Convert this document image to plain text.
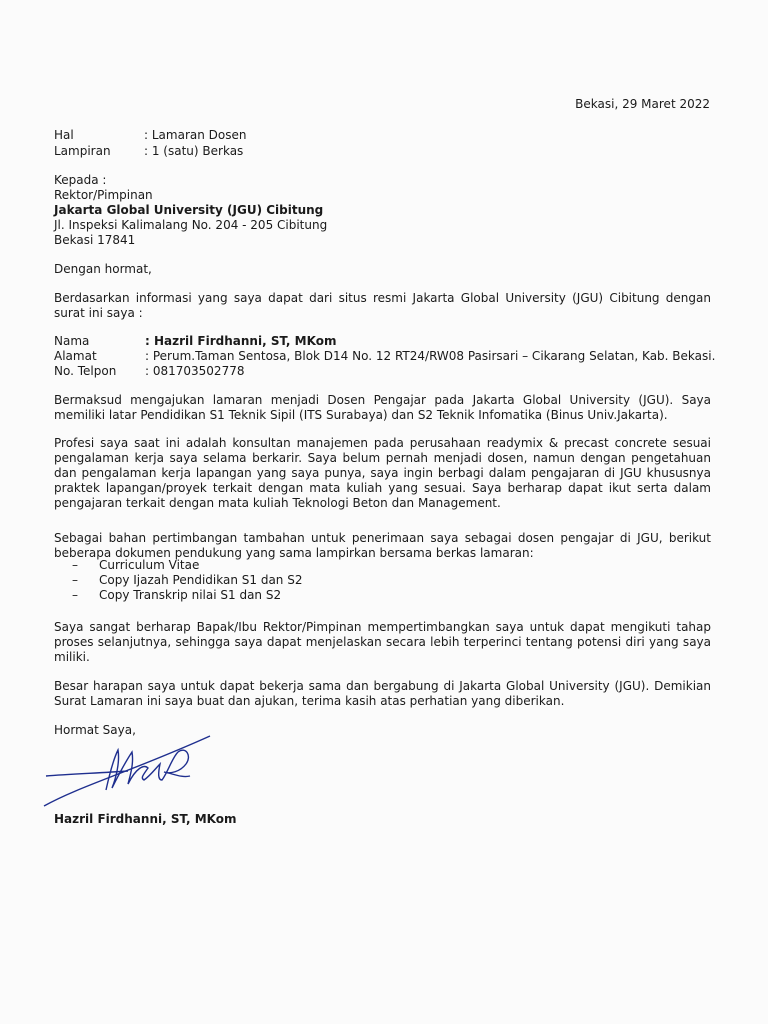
Bekasi, 29 Maret 2022
Hal	: Lamaran Dosen
Lampiran	: 1 (satu) Berkas
Kepada :
Rektor/Pimpinan
Jakarta Global University (JGU) Cibitung
Jl. Inspeksi Kalimalang No. 204 - 205 Cibitung
Bekasi 17841
Dengan hormat,
Berdasarkan informasi yang saya dapat dari situs resmi Jakarta Global University (JGU) Cibitung dengan surat ini saya :
Nama	: Hazril Firdhanni, ST, MKom
Alamat	: Perum.Taman Sentosa, Blok D14 No. 12 RT24/RW08 Pasirsari – Cikarang Selatan, Kab. Bekasi.
No. Telpon	: 081703502778
Bermaksud mengajukan lamaran menjadi Dosen Pengajar pada Jakarta Global University (JGU). Saya memiliki latar Pendidikan S1 Teknik Sipil (ITS Surabaya) dan S2 Teknik Infomatika (Binus Univ.Jakarta).
Profesi saya saat ini adalah konsultan manajemen pada perusahaan readymix & precast concrete sesuai pengalaman kerja saya selama berkarir. Saya belum pernah menjadi dosen, namun dengan pengetahuan dan pengalaman kerja lapangan yang saya punya, saya ingin berbagi dalam pengajaran di JGU khususnya praktek lapangan/proyek terkait dengan mata kuliah yang sesuai. Saya berharap dapat ikut serta dalam pengajaran terkait dengan mata kuliah Teknologi Beton dan Management.
Sebagai bahan pertimbangan tambahan untuk penerimaan saya sebagai dosen pengajar di JGU, berikut beberapa dokumen pendukung yang sama lampirkan bersama berkas lamaran:
–	Curriculum Vitae
–	Copy Ijazah Pendidikan S1 dan S2
–	Copy Transkrip nilai S1 dan S2
Saya sangat berharap Bapak/Ibu Rektor/Pimpinan mempertimbangkan saya untuk dapat mengikuti tahap proses selanjutnya, sehingga saya dapat menjelaskan secara lebih terperinci tentang potensi diri yang saya miliki.
Besar harapan saya untuk dapat bekerja sama dan bergabung di Jakarta Global University (JGU). Demikian Surat Lamaran ini saya buat dan ajukan, terima kasih atas perhatian yang diberikan.
Hormat Saya,
Hazril Firdhanni, ST, MKom
